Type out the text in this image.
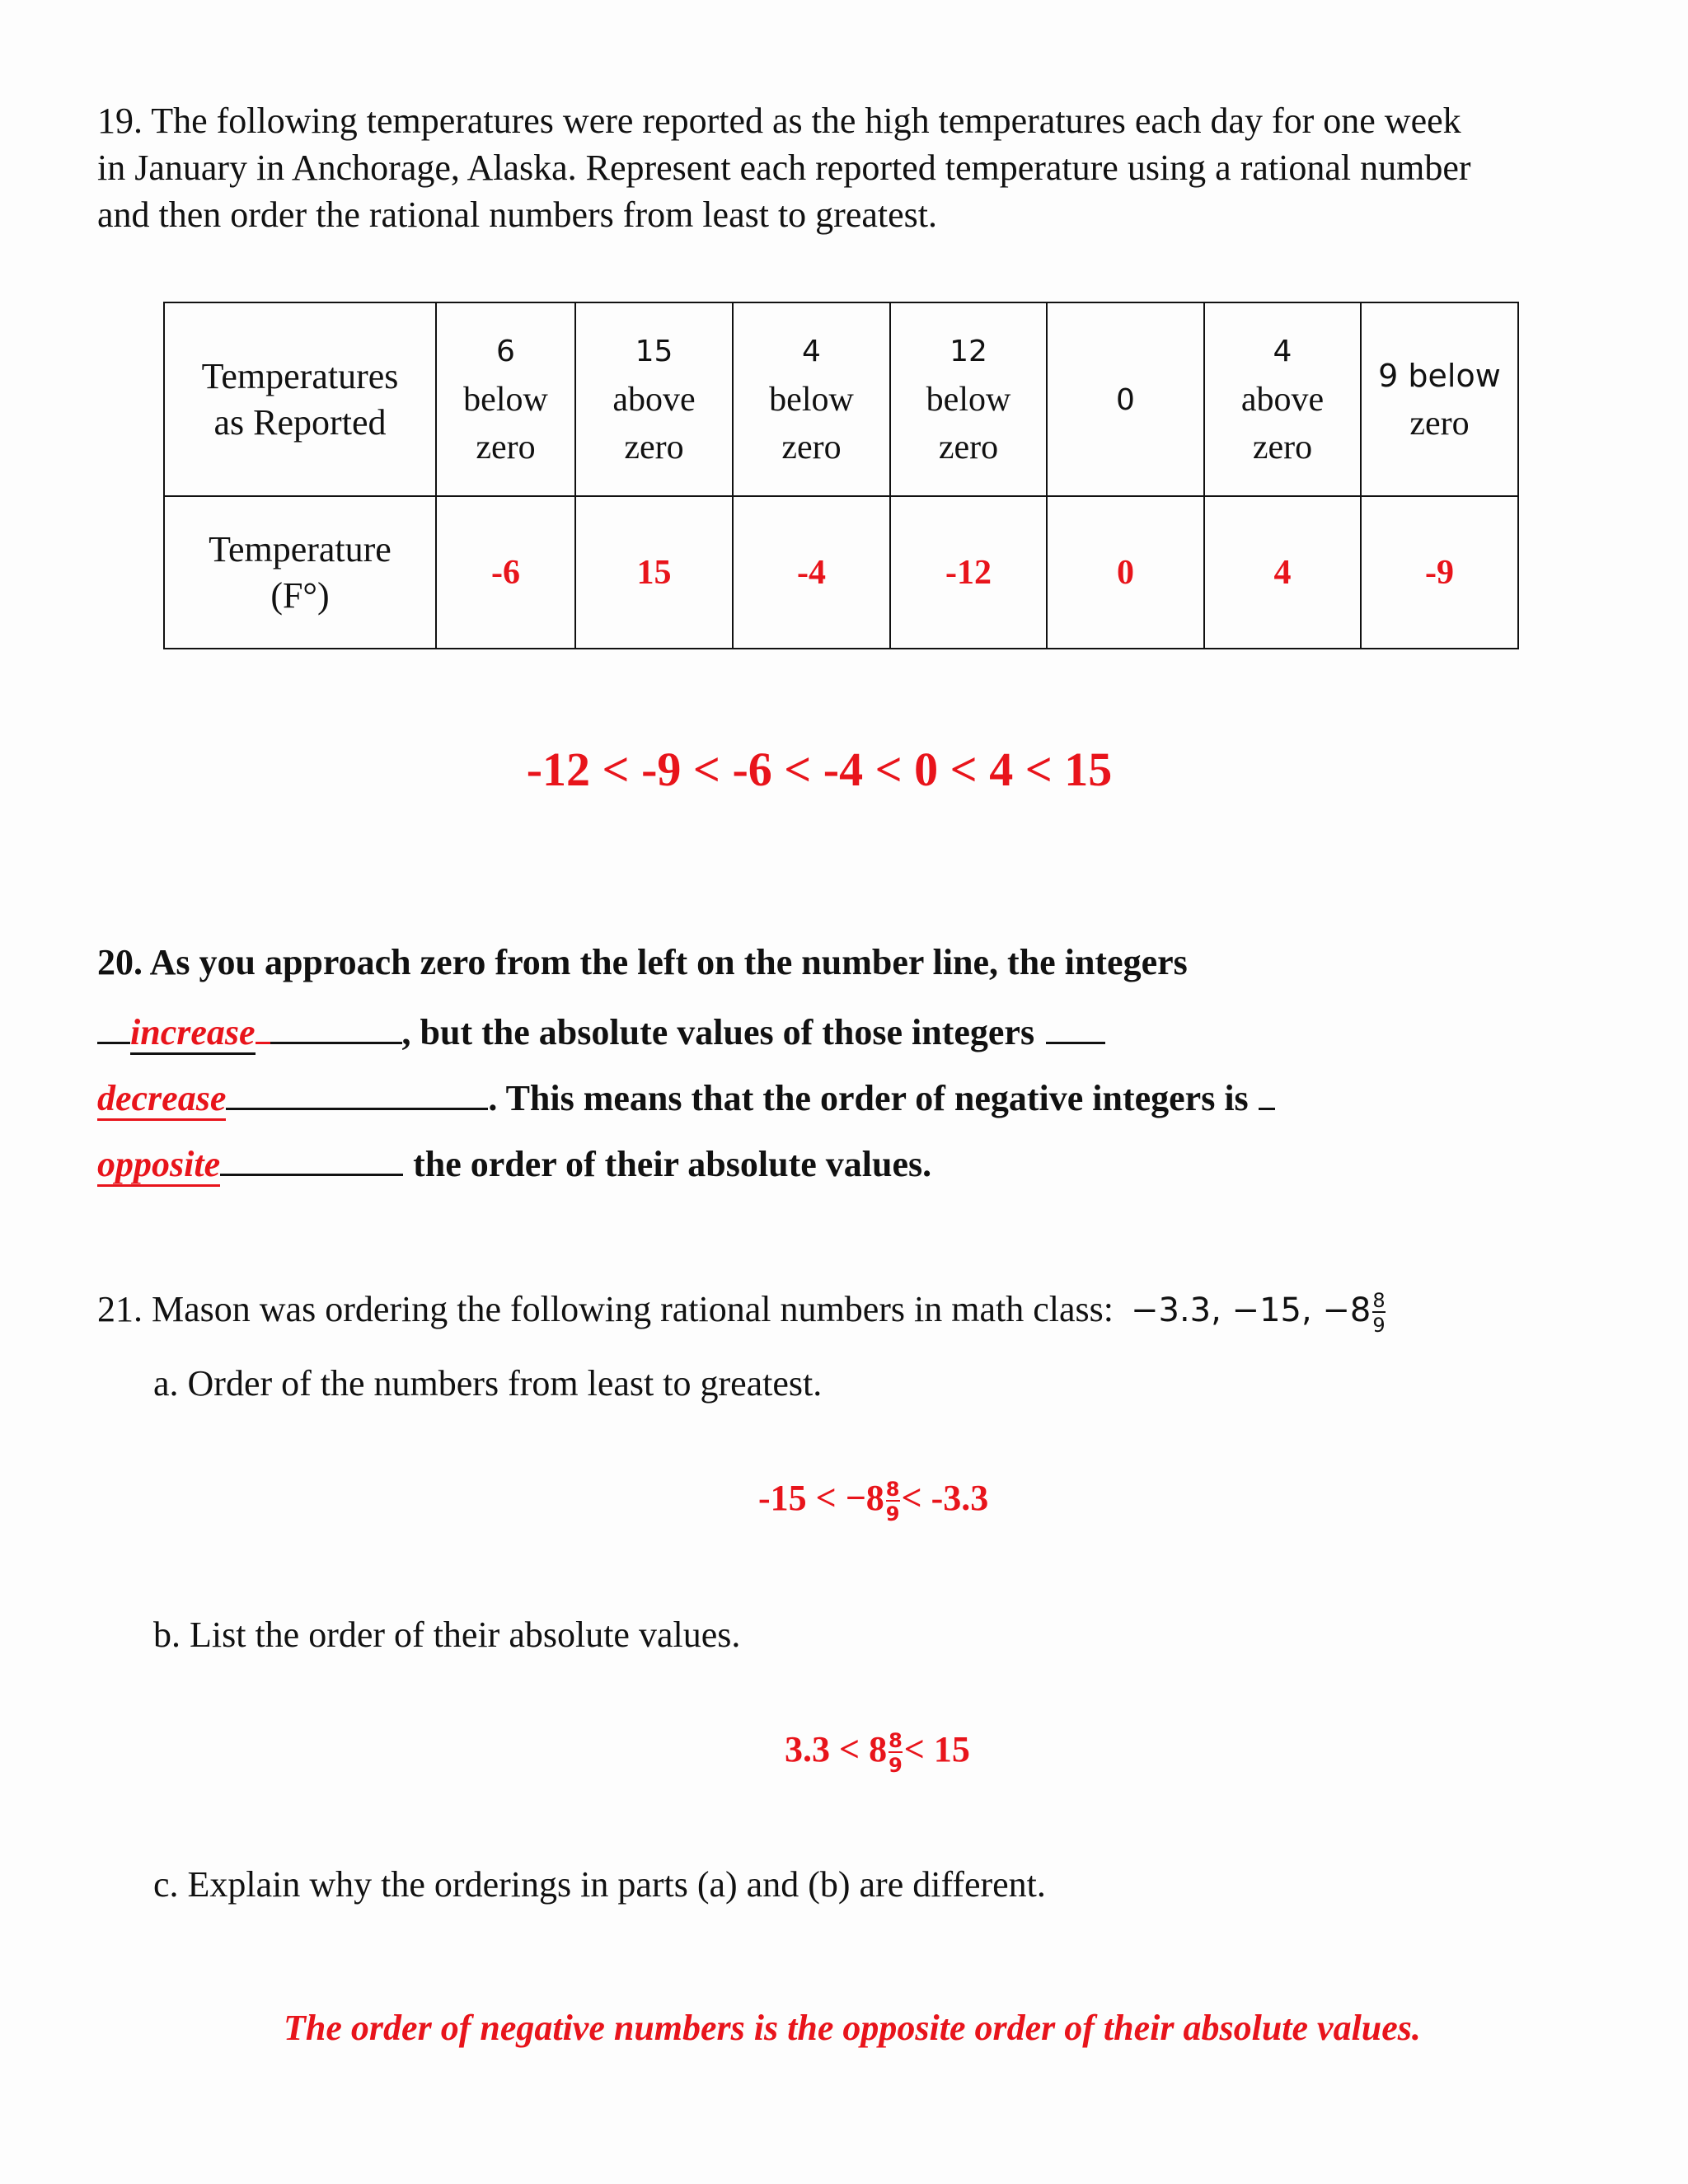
19. The following temperatures were reported as the high temperatures each day for one week
in January in Anchorage, Alaska. Represent each reported temperature using a rational number
and then order the rational numbers from least to greatest.
Temperatures
as Reported	6
below
zero	15
above
zero	4
below
zero	12
below
zero	0	4
above
zero	9 below
zero
Temperature
(F°)	-6	15	-4	-12	0	4	-9
-12 < -9 < -6 < -4 < 0 < 4 < 15
20. As you approach zero from the left on the number line, the integers
increase	, but the absolute values of those integers
decrease	. This means that the order of negative integers is
opposite	the order of their absolute values.
21. Mason was ordering the following rational numbers in math class: −3.3, −15, $-8 \frac{8}{9}$
a. Order of the numbers from least to greatest.
$-15 < -8 \frac{8}{9} < -3.3$
b. List the order of their absolute values.
$3.3 < 8 \frac{8}{9} < 15$
c. Explain why the orderings in parts (a) and (b) are different.
The order of negative numbers is the opposite order of their absolute values.
